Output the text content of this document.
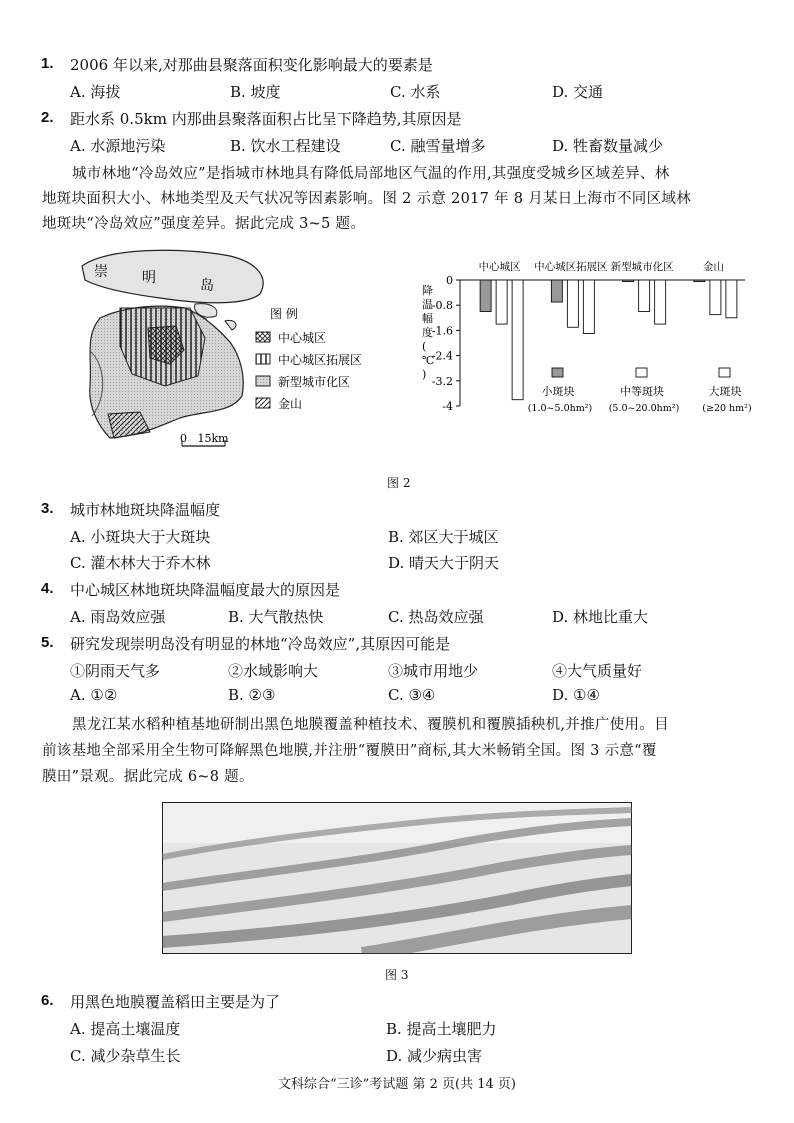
1. 2006 年以来,对那曲县聚落面积变化影响最大的要素是
A. 海拔	B. 坡度	C. 水系	D. 交通
2. 距水系 0.5km 内那曲县聚落面积占比呈下降趋势,其原因是
A. 水源地污染	B. 饮水工程建设	C. 融雪量增多	D. 牲畜数量减少
城市林地“冷岛效应”是指城市林地具有降低局部地区气温的作用,其强度受城乡区域差异、林
地斑块面积大小、林地类型及天气状况等因素影响。图 2 示意 2017 年 8 月某日上海市不同区域林
地斑块“冷岛效应”强度差异。据此完成 3~5 题。
崇 明	岛
0   15km
图 例
中心城区
中心城区拓展区
新型城市化区
金山
降温幅度( ℃ )
0
-0.8
-1.6
-2.4
-3.2
-4
中心城区 中心城区拓展区 新型城市化区	金山
小斑块
(1.0~5.0hm²)
中等斑块
(5.0~20.0hm²)
大斑块
(≥20 hm²)
图 2
3. 城市林地斑块降温幅度
A. 小斑块大于大斑块	B. 郊区大于城区
C. 灌木林大于乔木林	D. 晴天大于阴天
4. 中心城区林地斑块降温幅度最大的原因是
A. 雨岛效应强	B. 大气散热快	C. 热岛效应强	D. 林地比重大
5. 研究发现崇明岛没有明显的林地“冷岛效应”,其原因可能是
①阴雨天气多	②水域影响大	③城市用地少	④大气质量好
A. ①②	B. ②③	C. ③④	D. ①④
黑龙江某水稻种植基地研制出黑色地膜覆盖种植技术、覆膜机和覆膜插秧机,并推广使用。目
前该基地全部采用全生物可降解黑色地膜,并注册“覆膜田”商标,其大米畅销全国。图 3 示意“覆
膜田”景观。据此完成 6~8 题。
图 3
6. 用黑色地膜覆盖稻田主要是为了
A. 提高土壤温度	B. 提高土壤肥力
C. 减少杂草生长	D. 减少病虫害
文科综合“三诊”考试题 第 2 页(共 14 页)
